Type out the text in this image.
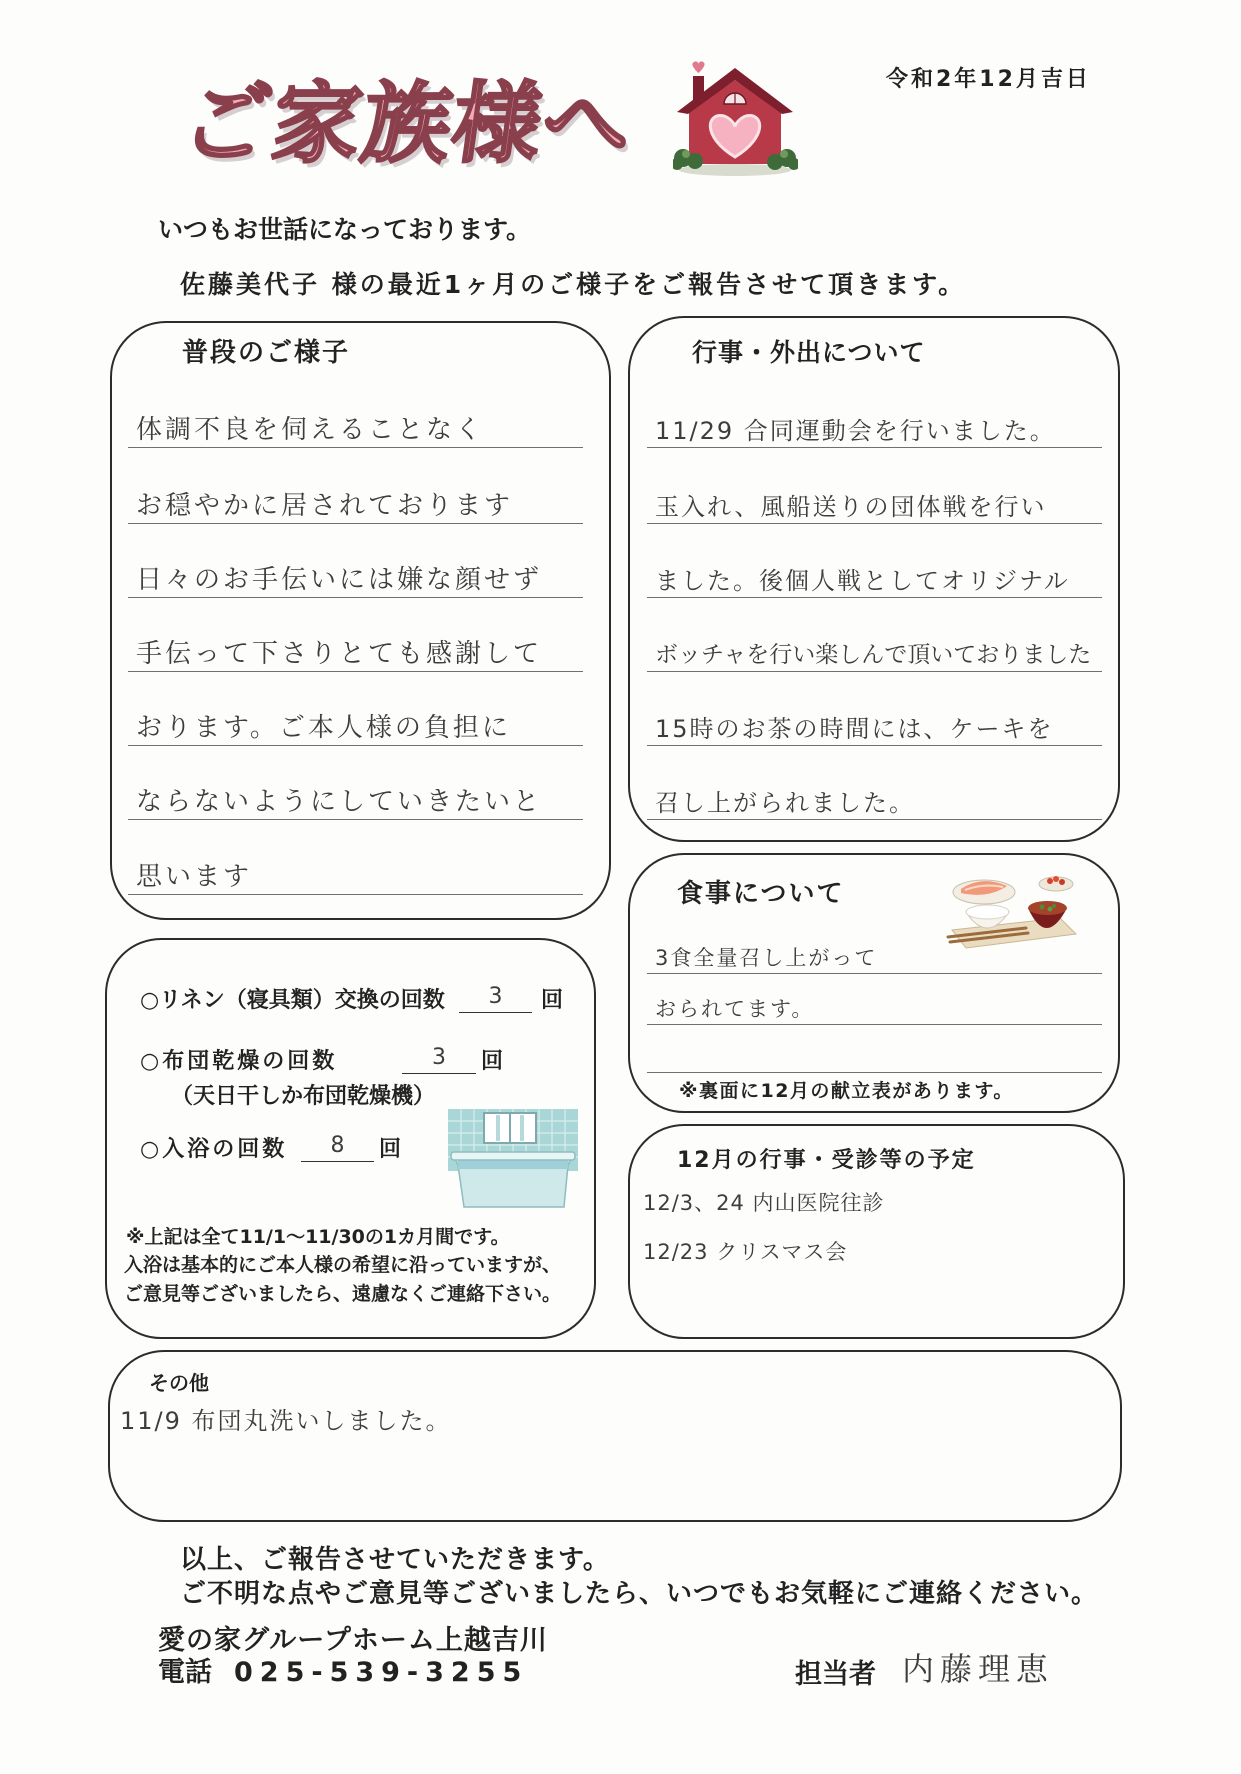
ご家族様へ	令和2年12月吉日
いつもお世話になっております。
佐藤美代子 様の最近1ヶ月のご様子をご報告させて頂きます。
普段のご様子
体調不良を伺えることなく
お穏やかに居されております
日々のお手伝いには嫌な顔せず
手伝って下さりとても感謝して
おります。ご本人様の負担に
ならないようにしていきたいと
思います
行事・外出について
11/29 合同運動会を行いました。
玉入れ、風船送りの団体戦を行い
ました。後個人戦としてオリジナル
ボッチャを行い楽しんで頂いておりました
15時のお茶の時間には、ケーキを
召し上がられました。
食事について
3食全量召し上がって
おられてます。
※裏面に12月の献立表があります。
○リネン（寝具類）交換の回数	3	回
○布団乾燥の回数	3	回
（天日干しか布団乾燥機）
○入浴の回数	8	回
※上記は全て11/1～11/30の1カ月間です。
入浴は基本的にご本人様の希望に沿っていますが、
ご意見等ございましたら、遠慮なくご連絡下さい。
12月の行事・受診等の予定
12/3、24 内山医院往診
12/23 クリスマス会
その他
11/9 布団丸洗いしました。
以上、ご報告させていただきます。
ご不明な点やご意見等ございましたら、いつでもお気軽にご連絡ください。
愛の家グループホーム上越吉川
電話 025-539-3255	担当者 内藤理恵
